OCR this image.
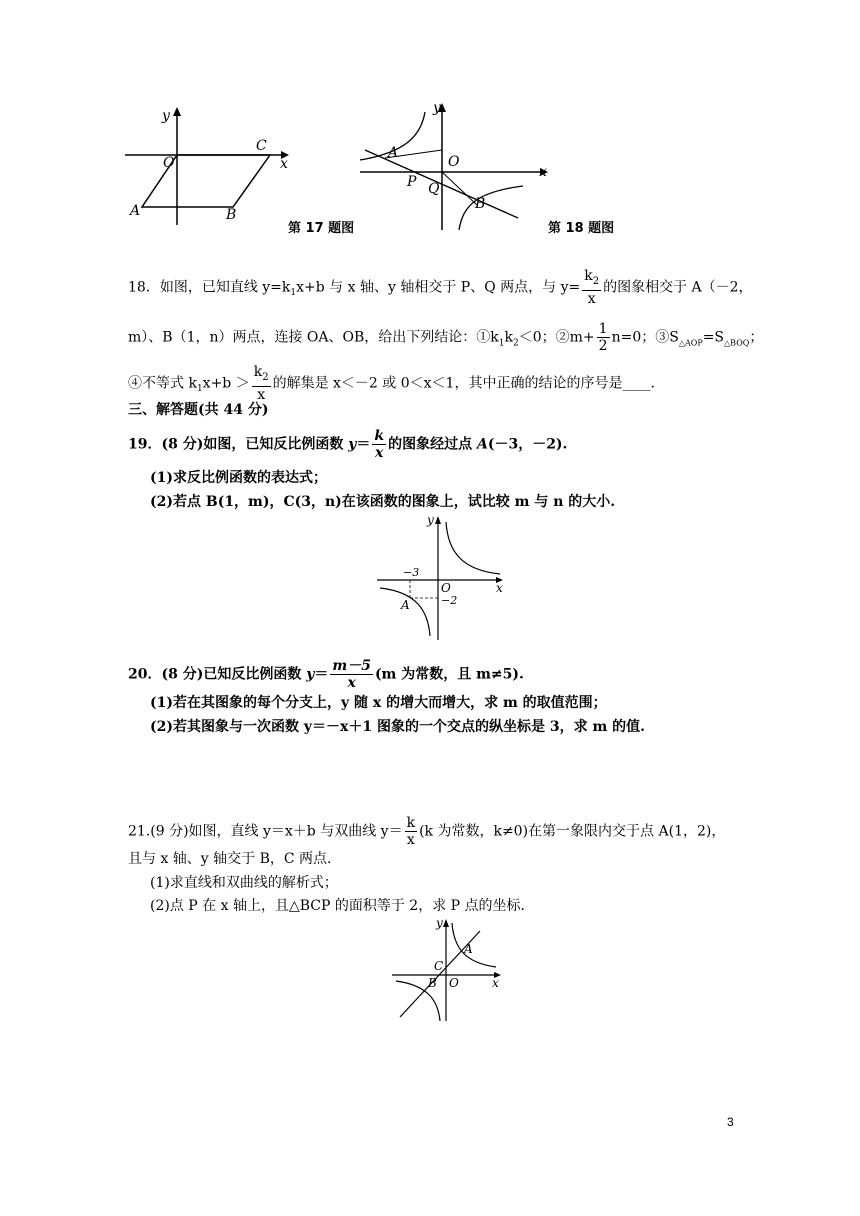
y
x
O
C
A	B
第 17 题图
y
x
O
A
P Q
B
第 18 题图
18．如图，已知直线 $y=k_1x+b$ 与 x 轴、y 轴相交于 P、Q 两点，与 $y= \frac{k_2}{x}$ 的图象相交于 A（－2，
m）、B（1，n）两点，连接 OA、OB，给出下列结论：$①k_1k_2<0$；②m+ $\frac{1}{2} n=0$；$③S_{\triangle AOP}=S_{\triangle BOQ}$；
④不等式 $k_1x+b > \frac{k_2}{x}$ 的解集是 x＜－2 或 0＜x＜1，其中正确的结论的序号是____.
三、解答题(共 44 分)
19．(8 分)如图，已知反比例函数 $y= \frac{k}{x}$ 的图象经过点 A(－3，－2).
(1)求反比例函数的表达式；
(2)若点 B(1，m)，C(3，n)在该函数的图象上，试比较 m 与 n 的大小.
y
x
O
−3
−2
A
20．(8 分)已知反比例函数 $y= \frac{m-5}{x} (m$ 为常数，且 m≠5).
(1)若在其图象的每个分支上，y 随 x 的增大而增大，求 m 的取值范围；
(2)若其图象与一次函数 y＝－x＋1 图象的一个交点的纵坐标是 3，求 m 的值.
21.(9 分)如图，直线 y＝x＋b 与双曲线 $y= \frac{k}{x} (k$ 为常数，k≠0)在第一象限内交于点 A(1，2)，
且与 x 轴、y 轴交于 B，C 两点.
(1)求直线和双曲线的解析式；
(2)点 P 在 x 轴上，且△BCP 的面积等于 2，求 P 点的坐标.
y
x
O
A
C
B
3
